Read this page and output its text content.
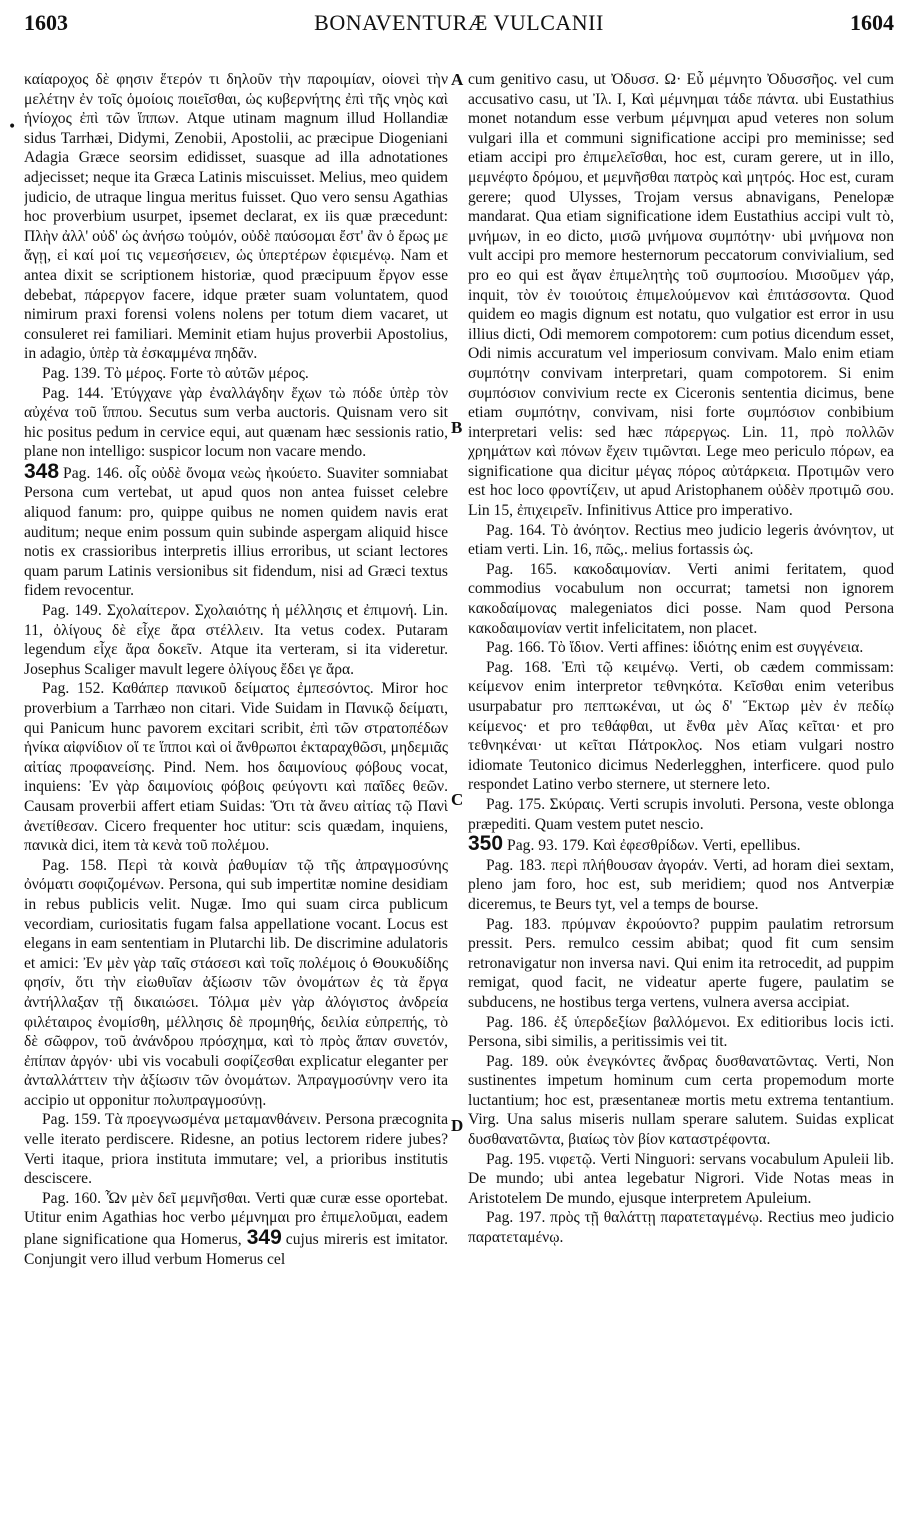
1603	BONAVENTURÆ VULCANII	1604
•
A
B
C
D

καίαροχος δὲ φησιν ἕτερόν τι δηλοῦν τὴν παροιμίαν, οἱονεὶ τὴν μελέτην ἐν τοῖς ὁμοίοις ποιεῖσθαι, ὡς κυβερνήτης ἐπὶ τῆς νηὸς καὶ ἡνίοχος ἐπὶ τῶν ἵππων. Atque utinam magnum illud Hollandiæ sidus Tarrhæi, Didymi, Zenobii, Apostolii, ac præcipue Diogeniani Adagia Græce seorsim edidisset, suasque ad illa adnotationes adjecisset; neque ita Græca Latinis miscuisset. Melius, meo quidem judicio, de utraque lingua meritus fuisset. Quo vero sensu Agathias hoc proverbium usurpet, ipsemet declarat, ex iis quæ præcedunt: Πλὴν ἀλλ' οὐδ' ὡς ἀνήσω τοὐμόν, οὐδὲ παύσομαι ἔστ' ἂν ὁ ἔρως με ἄγῃ, εἰ καί μοί τις νεμεσήσειεν, ὡς ὑπερτέρων ἐφιεμένῳ. Nam et antea dixit se scriptionem historiæ, quod præcipuum ἔργον esse debebat, πάρεργον facere, idque præter suam voluntatem, quod nimirum praxi forensi volens nolens per totum diem vacaret, ut consuleret rei familiari. Meminit etiam hujus proverbii Apostolius, in adagio, ὑπὲρ τὰ ἐσκαμμένα πηδᾶν.

Pag. 139. Τὸ μέρος. Forte τὸ αὐτῶν μέρος.

Pag. 144. Ἐτύγχανε γὰρ ἐναλλάγδην ἔχων τὼ πόδε ὑπὲρ τὸν αὐχένα τοῦ ἵππου. Secutus sum verba auctoris. Quisnam vero sit hic positus pedum in cervice equi, aut quænam hæc sessionis ratio, plane non intelligo: suspicor locum non vacare mendo.

348 Pag. 146. οἷς οὐδὲ ὄνομα νεὼς ἠκούετο. Suaviter somniabat Persona cum vertebat, ut apud quos non antea fuisset celebre aliquod fanum: pro, quippe quibus ne nomen quidem navis erat auditum; neque enim possum quin subinde aspergam aliquid hisce notis ex crassioribus interpretis illius erroribus, ut sciant lectores quam parum Latinis versionibus sit fidendum, nisi ad Græci textus fidem revocentur.

Pag. 149. Σχολαίτερον. Σχολαιότης ἡ μέλλησις et ἐπιμονή. Lin. 11, ὀλίγους δὲ εἶχε ἄρα στέλλειν. Ita vetus codex. Putaram legendum εἶχε ἄρα δοκεῖν. Atque ita verteram, si ita videretur. Josephus Scaliger mavult legere ὀλίγους ἔδει γε ἄρα.

Pag. 152. Καθάπερ πανικοῦ δείματος ἐμπεσόντος. Miror hoc proverbium a Tarrhæo non citari. Vide Suidam in Πανικῷ δείματι, qui Panicum hunc pavorem excitari scribit, ἐπὶ τῶν στρατοπέδων ἡνίκα αἰφνίδιον οἵ τε ἵπποι καὶ οἱ ἄνθρωποι ἐκταραχθῶσι, μηδεμιᾶς αἰτίας προφανείσης. Pind. Nem. hos δαιμονίους φόβους vocat, inquiens: Ἐν γὰρ δαιμονίοις φόβοις φεύγοντι καὶ παῖδες θεῶν. Causam proverbii affert etiam Suidas: Ὅτι τὰ ἄνευ αἰτίας τῷ Πανὶ ἀνετίθεσαν. Cicero frequenter hoc utitur: scis quædam, inquiens, πανικὰ dici, item τὰ κενὰ τοῦ πολέμου.

Pag. 158. Περὶ τὰ κοινὰ ῥαθυμίαν τῷ τῆς ἀπραγμοσύνης ὀνόματι σοφιζομένων. Persona, qui sub impertitæ nomine desidiam in rebus publicis velit. Nugæ. Imo qui suam circa publicum vecordiam, curiositatis fugam falsa appellatione vocant. Locus est elegans in eam sententiam in Plutarchi lib. De discrimine adulatoris et amici: Ἐν μὲν γὰρ ταῖς στάσεσι καὶ τοῖς πολέμοις ὁ Θουκυδίδης φησίν, ὅτι τὴν εἰωθυῖαν ἀξίωσιν τῶν ὀνομάτων ἐς τὰ ἔργα ἀντήλλαξαν τῇ δικαιώσει. Τόλμα μὲν γὰρ ἀλόγιστος ἀνδρεία φιλέταιρος ἐνομίσθη, μέλλησις δὲ προμηθής, δειλία εὐπρεπής, τὸ δὲ σῶφρον, τοῦ ἀνάνδρου πρόσχημα, καὶ τὸ πρὸς ἅπαν συνετόν, ἐπίπαν ἀργόν· ubi vis vocabuli σοφίζεσθαι explicatur eleganter per ἀνταλλάττειν τὴν ἀξίωσιν τῶν ὀνομάτων. Ἀπραγμοσύνην vero ita accipio ut opponitur πολυπραγμοσύνῃ.

Pag. 159. Τὰ προεγνωσμένα μεταμανθάνειν. Persona præcognita velle iterato perdiscere. Ridesne, an potius lectorem ridere jubes? Verti itaque, priora instituta immutare; vel, a prioribus institutis desciscere.

Pag. 160. Ὧν μὲν δεῖ μεμνῆσθαι. Verti quæ curæ esse oportebat. Utitur enim Agathias hoc verbo μέμνημαι pro ἐπιμελοῦμαι, eadem plane significatione qua Homerus, 349 cujus mireris est imitator. Conjungit vero illud verbum Homerus cel

cum genitivo casu, ut Ὀδυσσ. Ω· Εὖ μέμνητο Ὀδυσσῆος. vel cum accusativo casu, ut Ἰλ. Ι, Καὶ μέμνημαι τάδε πάντα. ubi Eustathius monet notandum esse verbum μέμνημαι apud veteres non solum vulgari illa et communi significatione accipi pro meminisse; sed etiam accipi pro ἐπιμελεῖσθαι, hoc est, curam gerere, ut in illo, μεμνέφτο δρόμου, et μεμνῆσθαι πατρὸς καὶ μητρός. Hoc est, curam gerere; quod Ulysses, Trojam versus abnavigans, Penelopæ mandarat. Qua etiam significatione idem Eustathius accipi vult τὸ, μνήμων, in eo dicto, μισῶ μνήμονα συμπότην· ubi μνήμονα non vult accipi pro memore hesternorum peccatorum convivialium, sed pro eo qui est ἄγαν ἐπιμελητὴς τοῦ συμποσίου. Μισοῦμεν γάρ, inquit, τὸν ἐν τοιούτοις ἐπιμελούμενον καὶ ἐπιτάσσοντα. Quod quidem eo magis dignum est notatu, quo vulgatior est error in usu illius dicti, Odi memorem compotorem: cum potius dicendum esset, Odi nimis accuratum vel imperiosum convivam. Malo enim etiam συμπότην convivam interpretari, quam compotorem. Si enim συμπόσιον convivium recte ex Ciceronis sententia dicimus, bene etiam συμπότην, convivam, nisi forte συμπόσιον conbibium interpretari velis: sed hæc πάρεργως. Lin. 11, πρὸ πολλῶν χρημάτων καὶ πόνων ἔχειν τιμῶνται. Lege meo periculo πόρων, ea significatione qua dicitur μέγας πόρος αὐτάρκεια. Προτιμῶν vero est hoc loco φροντίζειν, ut apud Aristophanem οὐδὲν προτιμῶ σου. Lin 15, ἐπιχειρεῖν. Infinitivus Attice pro imperativo.

Pag. 164. Τὸ ἀνόητον. Rectius meo judicio legeris ἀνόνητον, ut etiam verti. Lin. 16, πῶς,. melius fortassis ὡς.

Pag. 165. κακοδαιμονίαν. Verti animi feritatem, quod commodius vocabulum non occurrat; tametsi non ignorem κακοδαίμονας malegeniatos dici posse. Nam quod Persona κακοδαιμονίαν vertit infelicitatem, non placet.

Pag. 166. Τὸ ἴδιον. Verti affines: ἰδιότης enim est συγγένεια.

Pag. 168. Ἐπὶ τῷ κειμένῳ. Verti, ob cædem commissam: κείμενον enim interpretor τεθνηκότα. Κεῖσθαι enim veteribus usurpabatur pro πεπτωκέναι, ut ὡς δ' Ἕκτωρ μὲν ἐν πεδίῳ κείμενος· et pro τεθάφθαι, ut ἔνθα μὲν Αἴας κεῖται· et pro τεθνηκέναι· ut κεῖται Πάτροκλος. Nos etiam vulgari nostro idiomate Teutonico dicimus Nederlegghen, interficere. quod pulo respondet Latino verbo sternere, ut sternere leto.

Pag. 175. Σκύραις. Verti scrupis involuti. Persona, veste oblonga præpediti. Quam vestem putet nescio.

350 Pag. 93. 179. Καὶ ἐφεσθρίδων. Verti, epellibus.

Pag. 183. περὶ πλήθουσαν ἀγοράν. Verti, ad horam diei sextam, pleno jam foro, hoc est, sub meridiem; quod nos Antverpiæ diceremus, te Beurs tyt, vel a temps de bourse.

Pag. 183. πρύμναν ἐκρούοντο? puppim paulatim retrorsum pressit. Pers. remulco cessim abibat; quod fit cum sensim retronavigatur non inversa navi. Qui enim ita retrocedit, ad puppim remigat, quod facit, ne videatur aperte fugere, paulatim se subducens, ne hostibus terga vertens, vulnera aversa accipiat.

Pag. 186. ἐξ ὑπερδεξίων βαλλόμενοι. Ex editioribus locis icti. Persona, sibi similis, a peritissimis vei tit.

Pag. 189. οὐκ ἐνεγκόντες ἄνδρας δυσθανατῶντας. Verti, Non sustinentes impetum hominum cum certa propemodum morte luctantium; hoc est, præsentaneæ mortis metu extrema tentantium. Virg. Una salus miseris nullam sperare salutem. Suidas explicat δυσθανατῶντα, βιαίως τὸν βίον καταστρέφοντα.

Pag. 195. νιφετῷ. Verti Ninguori: servans vocabulum Apuleii lib. De mundo; ubi antea legebatur Nigrori. Vide Notas meas in Aristotelem De mundo, ejusque interpretem Apuleium.

Pag. 197. πρὸς τῇ θαλάττῃ παρατεταγμένῳ. Rectius meo judicio παρατεταμένῳ.
